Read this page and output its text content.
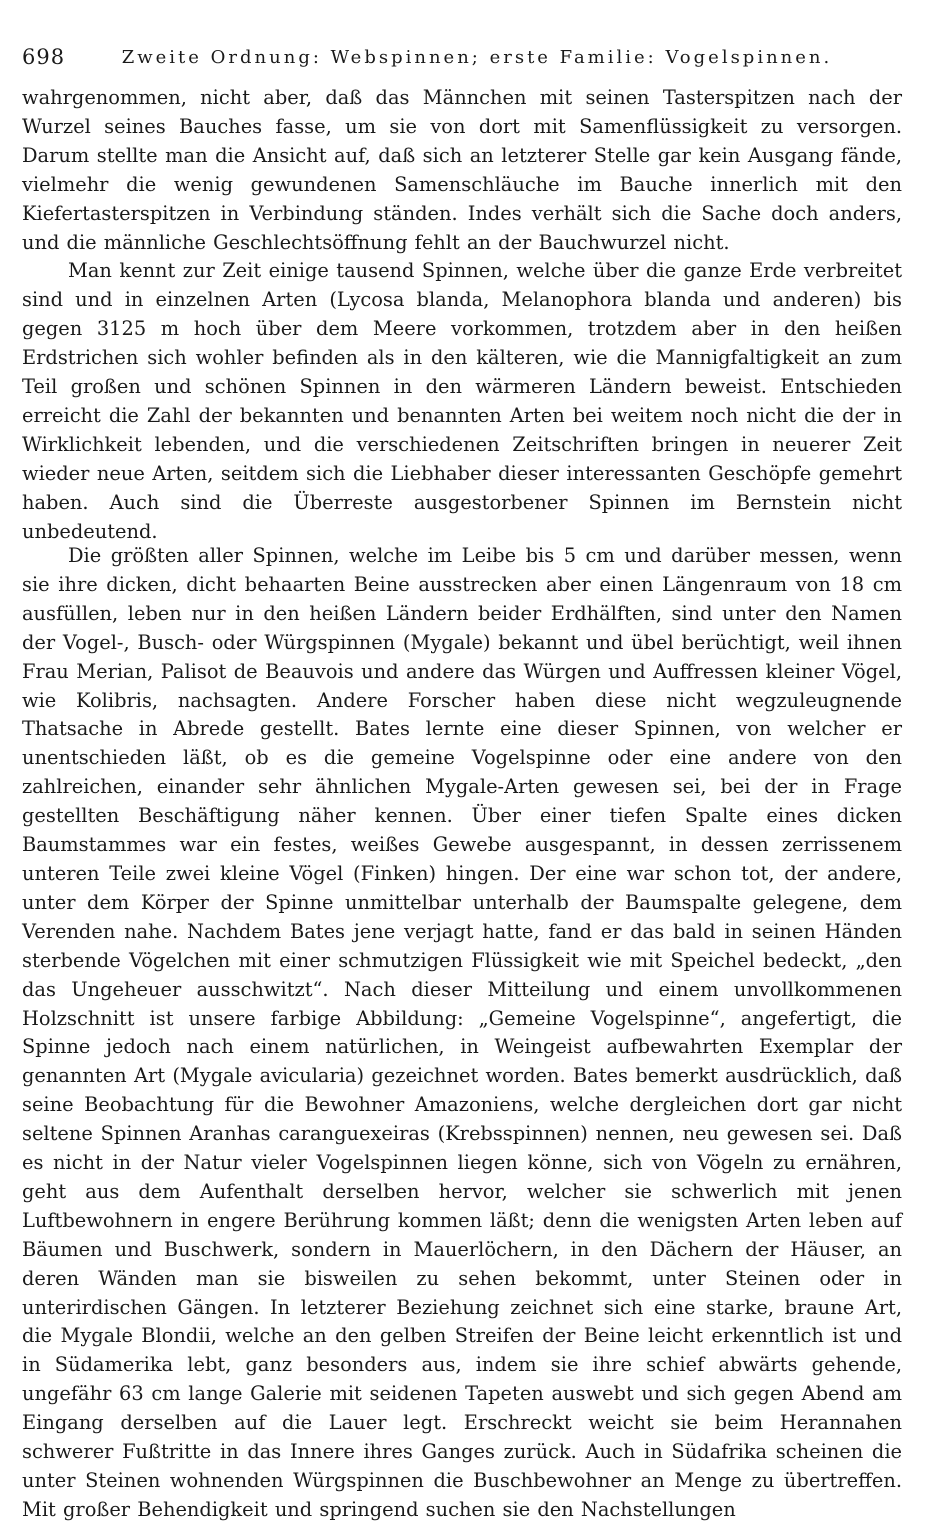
698	Zweite Ordnung: Webspinnen; erste Familie: Vogelspinnen.

wahrgenommen, nicht aber, daß das Männchen mit seinen Tasterspitzen nach der Wurzel seines Bauches fasse, um sie von dort mit Samenflüssigkeit zu versorgen. Darum stellte man die Ansicht auf, daß sich an letzterer Stelle gar kein Ausgang fände, vielmehr die wenig gewundenen Samenschläuche im Bauche innerlich mit den Kiefertasterspitzen in Verbindung ständen. Indes verhält sich die Sache doch anders, und die männliche Geschlechtsöffnung fehlt an der Bauchwurzel nicht.

Man kennt zur Zeit einige tausend Spinnen, welche über die ganze Erde verbreitet sind und in einzelnen Arten (Lycosa blanda, Melanophora blanda und anderen) bis gegen 3125 m hoch über dem Meere vorkommen, trotzdem aber in den heißen Erdstrichen sich wohler befinden als in den kälteren, wie die Mannigfaltigkeit an zum Teil großen und schönen Spinnen in den wärmeren Ländern beweist. Entschieden erreicht die Zahl der bekannten und benannten Arten bei weitem noch nicht die der in Wirklichkeit lebenden, und die verschiedenen Zeitschriften bringen in neuerer Zeit wieder neue Arten, seitdem sich die Liebhaber dieser interessanten Geschöpfe gemehrt haben. Auch sind die Überreste ausgestorbener Spinnen im Bernstein nicht unbedeutend.

Die größten aller Spinnen, welche im Leibe bis 5 cm und darüber messen, wenn sie ihre dicken, dicht behaarten Beine ausstrecken aber einen Längenraum von 18 cm ausfüllen, leben nur in den heißen Ländern beider Erdhälften, sind unter den Namen der Vogel-, Busch- oder Würgspinnen (Mygale) bekannt und übel berüchtigt, weil ihnen Frau Merian, Palisot de Beauvois und andere das Würgen und Auffressen kleiner Vögel, wie Kolibris, nachsagten. Andere Forscher haben diese nicht wegzuleugnende Thatsache in Abrede gestellt. Bates lernte eine dieser Spinnen, von welcher er unentschieden läßt, ob es die gemeine Vogelspinne oder eine andere von den zahlreichen, einander sehr ähnlichen Mygale-Arten gewesen sei, bei der in Frage gestellten Beschäftigung näher kennen. Über einer tiefen Spalte eines dicken Baumstammes war ein festes, weißes Gewebe ausgespannt, in dessen zerrissenem unteren Teile zwei kleine Vögel (Finken) hingen. Der eine war schon tot, der andere, unter dem Körper der Spinne unmittelbar unterhalb der Baumspalte gelegene, dem Verenden nahe. Nachdem Bates jene verjagt hatte, fand er das bald in seinen Händen sterbende Vögelchen mit einer schmutzigen Flüssigkeit wie mit Speichel bedeckt, „den das Ungeheuer ausschwitzt“. Nach dieser Mitteilung und einem unvollkommenen Holzschnitt ist unsere farbige Abbildung: „Gemeine Vogelspinne“, angefertigt, die Spinne jedoch nach einem natürlichen, in Weingeist aufbewahrten Exemplar der genannten Art (Mygale avicularia) gezeichnet worden. Bates bemerkt ausdrücklich, daß seine Beobachtung für die Bewohner Amazoniens, welche dergleichen dort gar nicht seltene Spinnen Aranhas caranguexeiras (Krebsspinnen) nennen, neu gewesen sei. Daß es nicht in der Natur vieler Vogelspinnen liegen könne, sich von Vögeln zu ernähren, geht aus dem Aufenthalt derselben hervor, welcher sie schwerlich mit jenen Luftbewohnern in engere Berührung kommen läßt; denn die wenigsten Arten leben auf Bäumen und Buschwerk, sondern in Mauerlöchern, in den Dächern der Häuser, an deren Wänden man sie bisweilen zu sehen bekommt, unter Steinen oder in unterirdischen Gängen. In letzterer Beziehung zeichnet sich eine starke, braune Art, die Mygale Blondii, welche an den gelben Streifen der Beine leicht erkenntlich ist und in Südamerika lebt, ganz besonders aus, indem sie ihre schief abwärts gehende, ungefähr 63 cm lange Galerie mit seidenen Tapeten auswebt und sich gegen Abend am Eingang derselben auf die Lauer legt. Erschreckt weicht sie beim Herannahen schwerer Fußtritte in das Innere ihres Ganges zurück. Auch in Südafrika scheinen die unter Steinen wohnenden Würgspinnen die Buschbewohner an Menge zu übertreffen. Mit großer Behendigkeit und springend suchen sie den Nachstellungen
